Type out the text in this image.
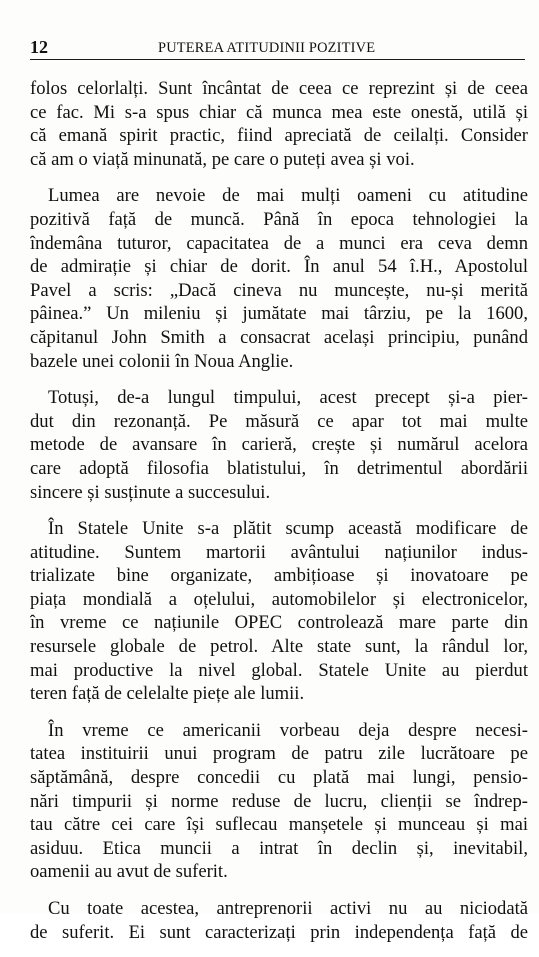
12	PUTEREA ATITUDINII POZITIVE

folos celorlalți. Sunt încântat de ceea ce reprezint și de ceea
ce fac. Mi s-a spus chiar că munca mea este onestă, utilă și
că emană spirit practic, fiind apreciată de ceilalți. Consider
că am o viață minunată, pe care o puteți avea și voi.

Lumea are nevoie de mai mulți oameni cu atitudine
pozitivă față de muncă. Până în epoca tehnologiei la
îndemâna tuturor, capacitatea de a munci era ceva demn
de admirație și chiar de dorit. În anul 54 î.H., Apostolul
Pavel a scris: „Dacă cineva nu muncește, nu-și merită
pâinea.” Un mileniu și jumătate mai târziu, pe la 1600,
căpitanul John Smith a consacrat același principiu, punând
bazele unei colonii în Noua Anglie.

Totuși, de-a lungul timpului, acest precept și-a pier-
dut din rezonanță. Pe măsură ce apar tot mai multe
metode de avansare în carieră, crește și numărul acelora
care adoptă filosofia blatistului, în detrimentul abordării
sincere și susținute a succesului.

În Statele Unite s-a plătit scump această modificare de
atitudine. Suntem martorii avântului națiunilor indus-
trializate bine organizate, ambițioase și inovatoare pe
piața mondială a oțelului, automobilelor și electronicelor,
în vreme ce națiunile OPEC controlează mare parte din
resursele globale de petrol. Alte state sunt, la rândul lor,
mai productive la nivel global. Statele Unite au pierdut
teren față de celelalte piețe ale lumii.

În vreme ce americanii vorbeau deja despre necesi-
tatea instituirii unui program de patru zile lucrătoare pe
săptămână, despre concedii cu plată mai lungi, pensio-
nări timpurii și norme reduse de lucru, clienții se îndrep-
tau către cei care își suflecau manșetele și munceau și mai
asiduu. Etica muncii a intrat în declin și, inevitabil,
oamenii au avut de suferit.

Cu toate acestea, antreprenorii activi nu au niciodată
de suferit. Ei sunt caracterizați prin independența față de
